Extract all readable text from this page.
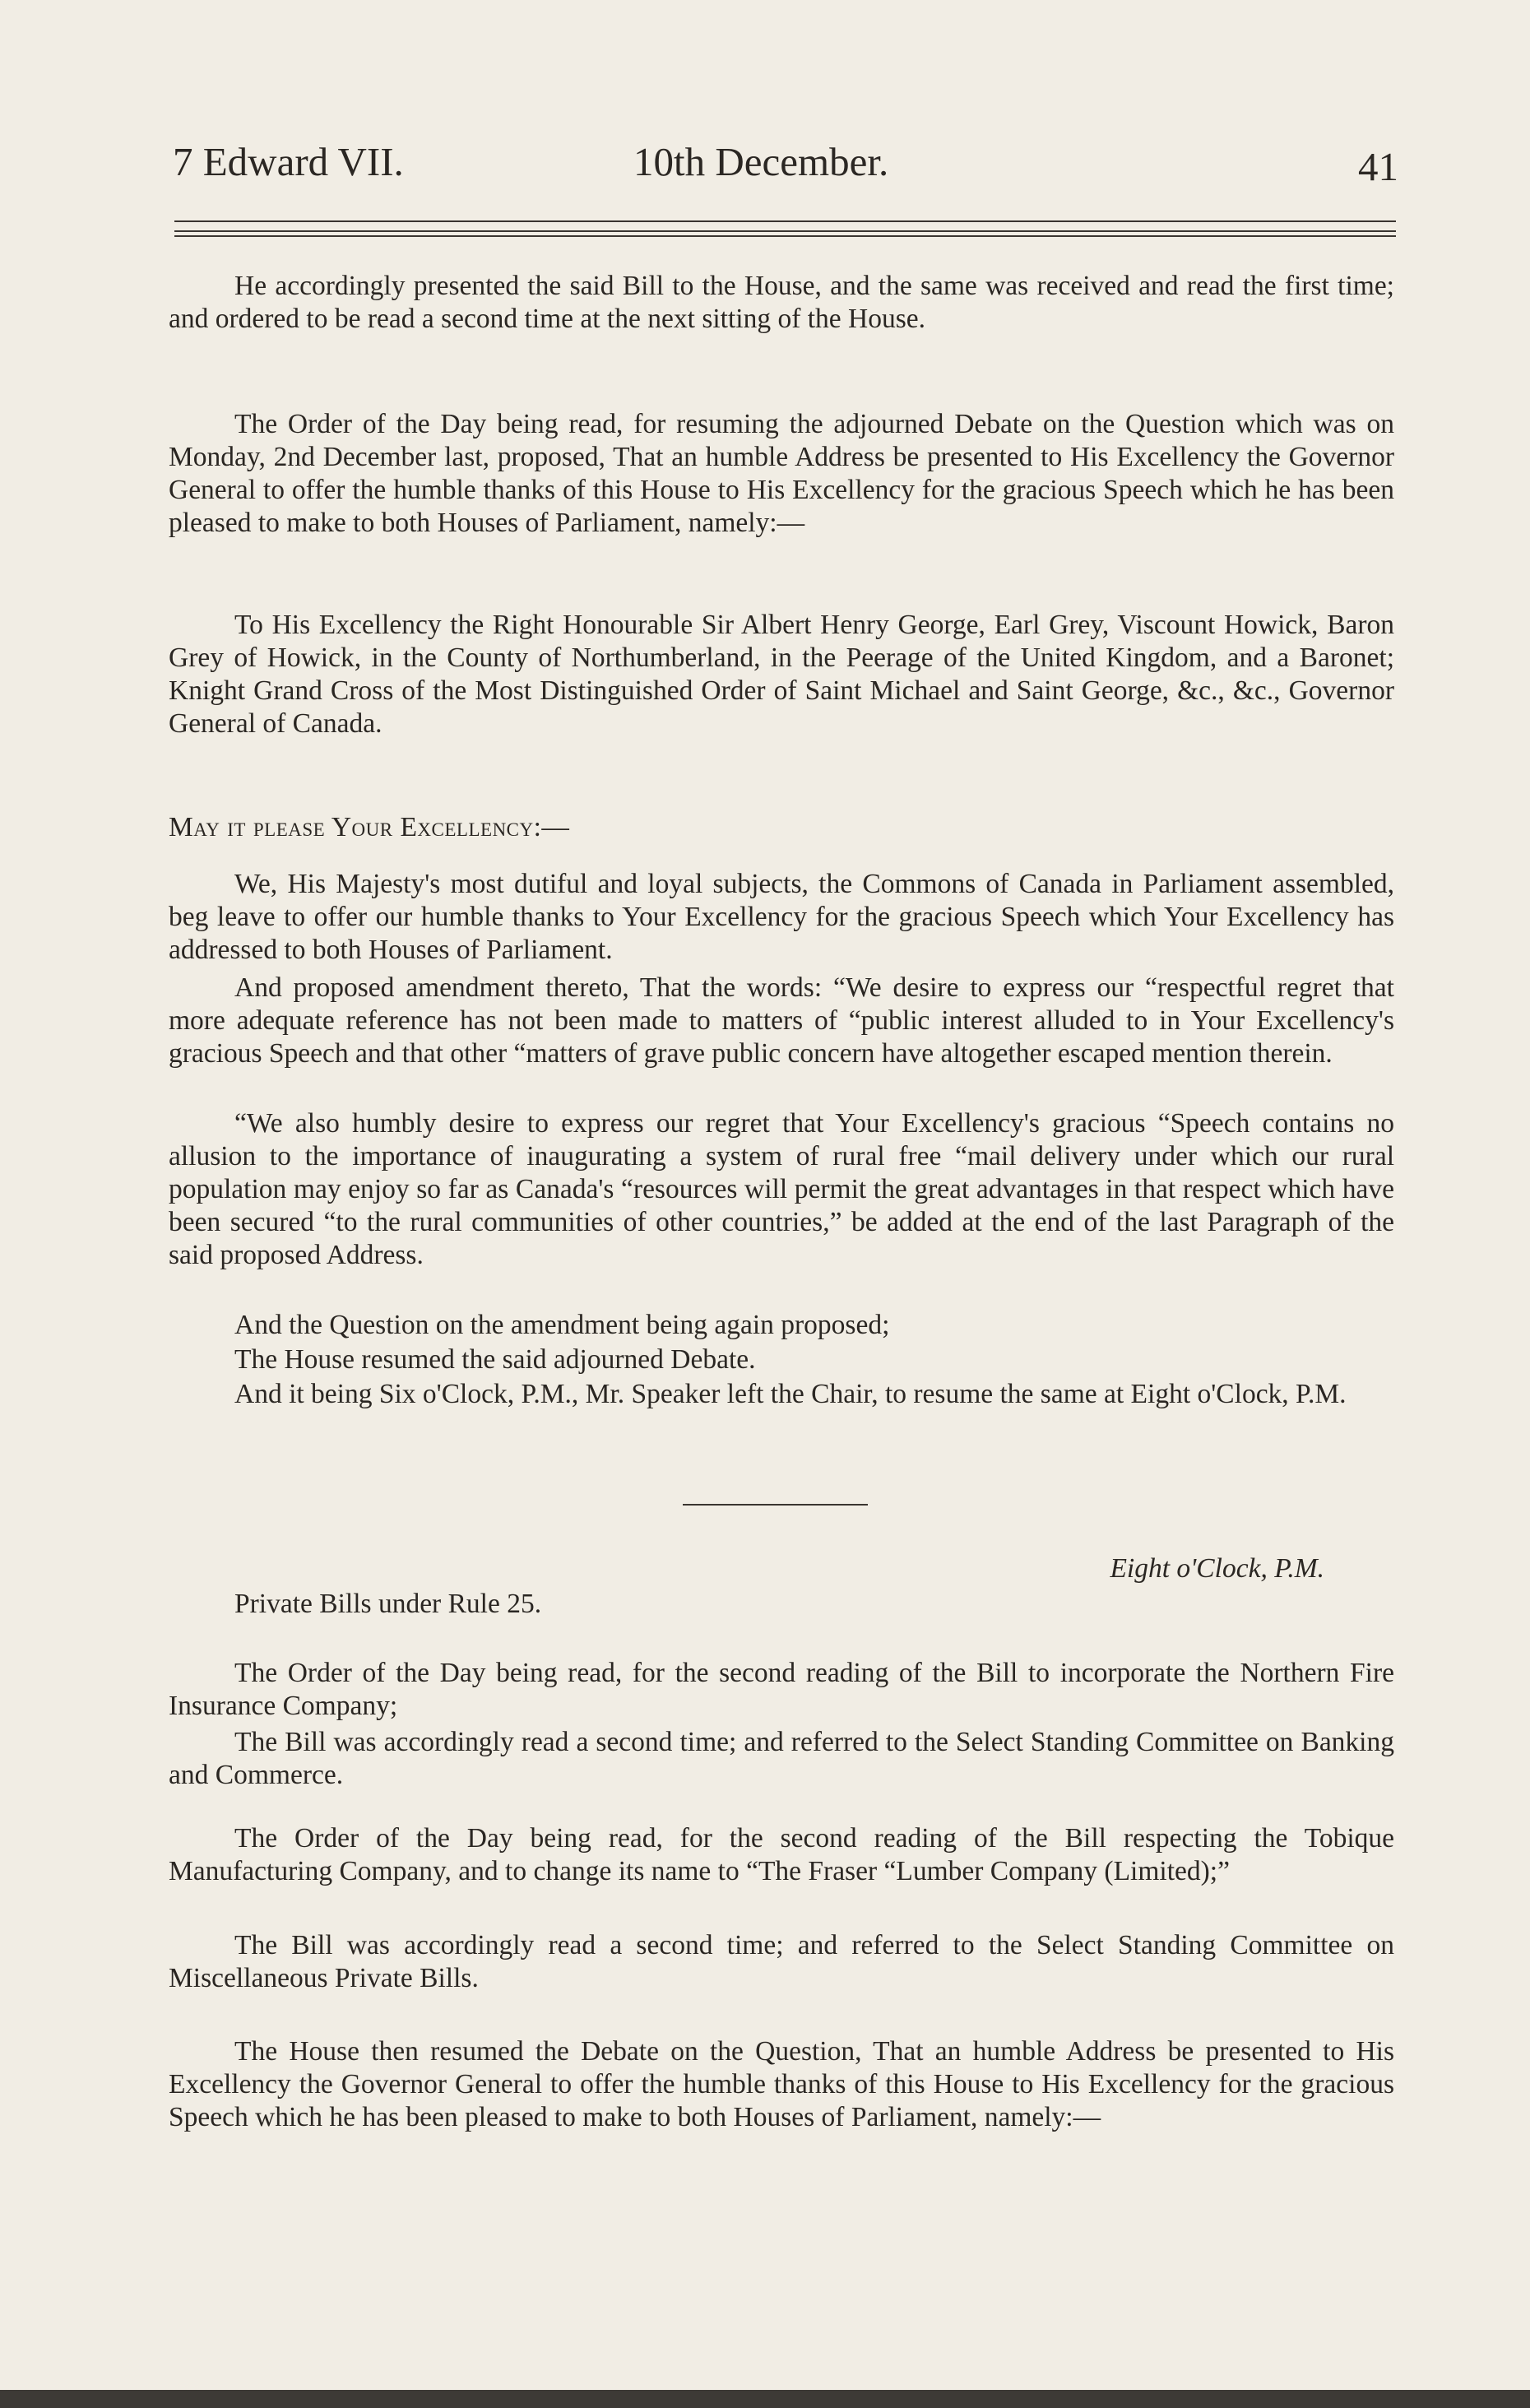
7 Edward VII.	10th December.	41

He accordingly presented the said Bill to the House, and the same was received and read the first time; and ordered to be read a second time at the next sitting of the House.

The Order of the Day being read, for resuming the adjourned Debate on the Question which was on Monday, 2nd December last, proposed, That an humble Address be presented to His Excellency the Governor General to offer the humble thanks of this House to His Excellency for the gracious Speech which he has been pleased to make to both Houses of Parliament, namely:—

To His Excellency the Right Honourable Sir Albert Henry George, Earl Grey, Viscount Howick, Baron Grey of Howick, in the County of Northumberland, in the Peerage of the United Kingdom, and a Baronet; Knight Grand Cross of the Most Distinguished Order of Saint Michael and Saint George, &c., &c., Governor General of Canada.

May it please Your Excellency:—

We, His Majesty's most dutiful and loyal subjects, the Commons of Canada in Parliament assembled, beg leave to offer our humble thanks to Your Excellency for the gracious Speech which Your Excellency has addressed to both Houses of Parliament.

And proposed amendment thereto, That the words: “We desire to express our “respectful regret that more adequate reference has not been made to matters of “public interest alluded to in Your Excellency's gracious Speech and that other “matters of grave public concern have altogether escaped mention therein.

“We also humbly desire to express our regret that Your Excellency's gracious “Speech contains no allusion to the importance of inaugurating a system of rural free “mail delivery under which our rural population may enjoy so far as Canada's “resources will permit the great advantages in that respect which have been secured “to the rural communities of other countries,” be added at the end of the last Paragraph of the said proposed Address.

And the Question on the amendment being again proposed;

The House resumed the said adjourned Debate.

And it being Six o'Clock, P.M., Mr. Speaker left the Chair, to resume the same at Eight o'Clock, P.M.

Eight o'Clock, P.M.

Private Bills under Rule 25.

The Order of the Day being read, for the second reading of the Bill to incorporate the Northern Fire Insurance Company;

The Bill was accordingly read a second time; and referred to the Select Standing Committee on Banking and Commerce.

The Order of the Day being read, for the second reading of the Bill respecting the Tobique Manufacturing Company, and to change its name to “The Fraser “Lumber Company (Limited);”

The Bill was accordingly read a second time; and referred to the Select Standing Committee on Miscellaneous Private Bills.

The House then resumed the Debate on the Question, That an humble Address be presented to His Excellency the Governor General to offer the humble thanks of this House to His Excellency for the gracious Speech which he has been pleased to make to both Houses of Parliament, namely:—
